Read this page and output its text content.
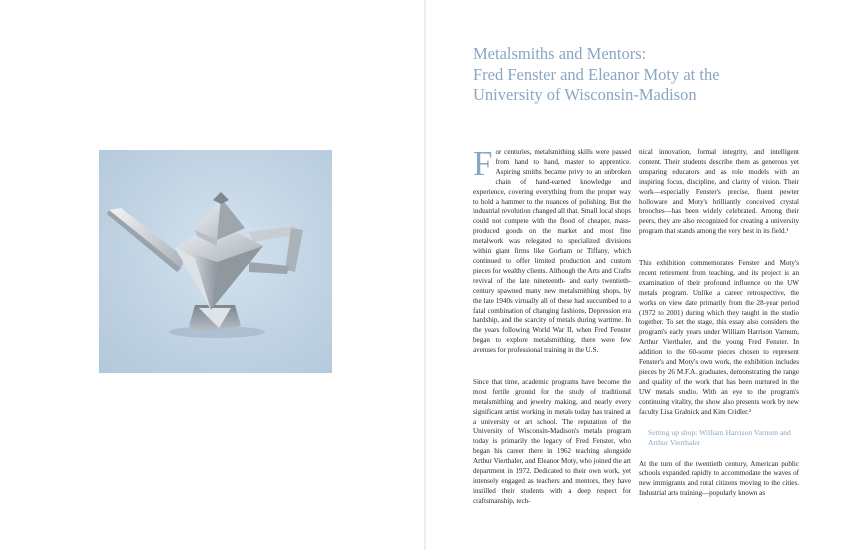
Metalsmiths and Mentors:
Fred Fenster and Eleanor Moty at the
University of Wisconsin-Madison

For centuries, metalsmithing skills were passed from hand to hand, master to apprentice. Aspiring smiths became privy to an unbroken chain of hand-earned knowledge and experience, covering everything from the proper way to hold a hammer to the nuances of polishing. But the industrial revolution changed all that. Small local shops could not compete with the flood of cheaper, mass-produced goods on the market and most fine metalwork was relegated to specialized divisions within giant firms like Gorham or Tiffany, which continued to offer limited production and custom pieces for wealthy clients. Although the Arts and Crafts revival of the late nineteenth- and early twentieth-century spawned many new metalsmithing shops, by the late 1940s virtually all of these had succumbed to a fatal combination of changing fashions, Depression era hardship, and the scarcity of metals during wartime. In the years following World War II, when Fred Fenster began to explore metalsmithing, there were few avenues for professional training in the U.S.

Since that time, academic programs have become the most fertile ground for the study of traditional metalsmithing and jewelry making, and nearly every significant artist working in metals today has trained at a university or art school. The reputation of the University of Wisconsin-Madison's metals program today is primarily the legacy of Fred Fenster, who began his career there in 1962 teaching alongside Arthur Vierthaler, and Eleanor Moty, who joined the art department in 1972. Dedicated to their own work, yet intensely engaged as teachers and mentors, they have instilled their students with a deep respect for craftsmanship, tech-

nical innovation, formal integrity, and intelligent content. Their students describe them as generous yet unsparing educators and as role models with an inspiring focus, discipline, and clarity of vision. Their work—especially Fenster's precise, fluent pewter holloware and Moty's brilliantly conceived crystal brooches—has been widely celebrated. Among their peers, they are also recognized for creating a university program that stands among the very best in its field.¹

This exhibition commemorates Fenster and Moty's recent retirement from teaching, and its project is an examination of their profound influence on the UW metals program. Unlike a career retrospective, the works on view date primarily from the 28-year period (1972 to 2001) during which they taught in the studio together. To set the stage, this essay also considers the program's early years under William Harrison Varnum, Arthur Vierthaler, and the young Fred Fenster. In addition to the 60-some pieces chosen to represent Fenster's and Moty's own work, the exhibition includes pieces by 26 M.F.A. graduates, demonstrating the range and quality of the work that has been nurtured in the UW metals studio. With an eye to the program's continuing vitality, the show also presents work by new faculty Lisa Gralnick and Kim Cridler.²

Setting up shop: William Harrison Varnum and Arthur Vierthaler

At the turn of the twentieth century, American public schools expanded rapidly to accommodate the waves of new immigrants and rural citizens moving to the cities. Industrial arts training—popularly known as
